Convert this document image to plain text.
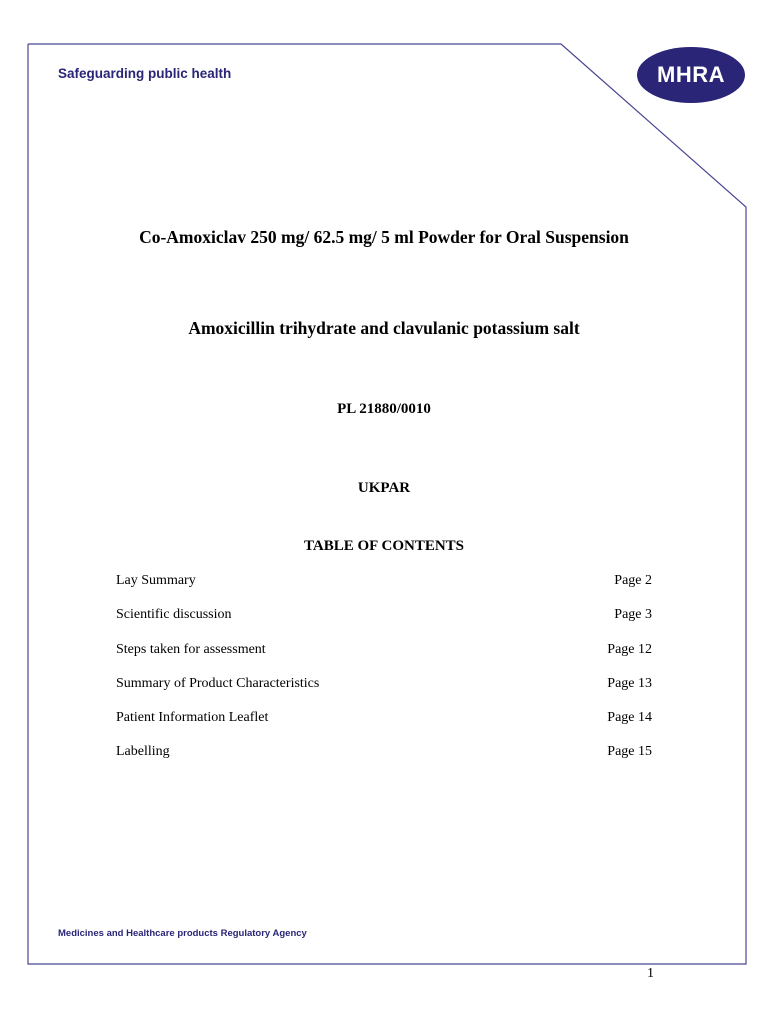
Safeguarding public health	MHRA
Co-Amoxiclav 250 mg/ 62.5 mg/ 5 ml Powder for Oral Suspension
Amoxicillin trihydrate and clavulanic potassium salt
PL 21880/0010
UKPAR
TABLE OF CONTENTS
Lay Summary	Page 2
Scientific discussion	Page 3
Steps taken for assessment	Page 12
Summary of Product Characteristics	Page 13
Patient Information Leaflet	Page 14
Labelling	Page 15
Medicines and Healthcare products Regulatory Agency
1
